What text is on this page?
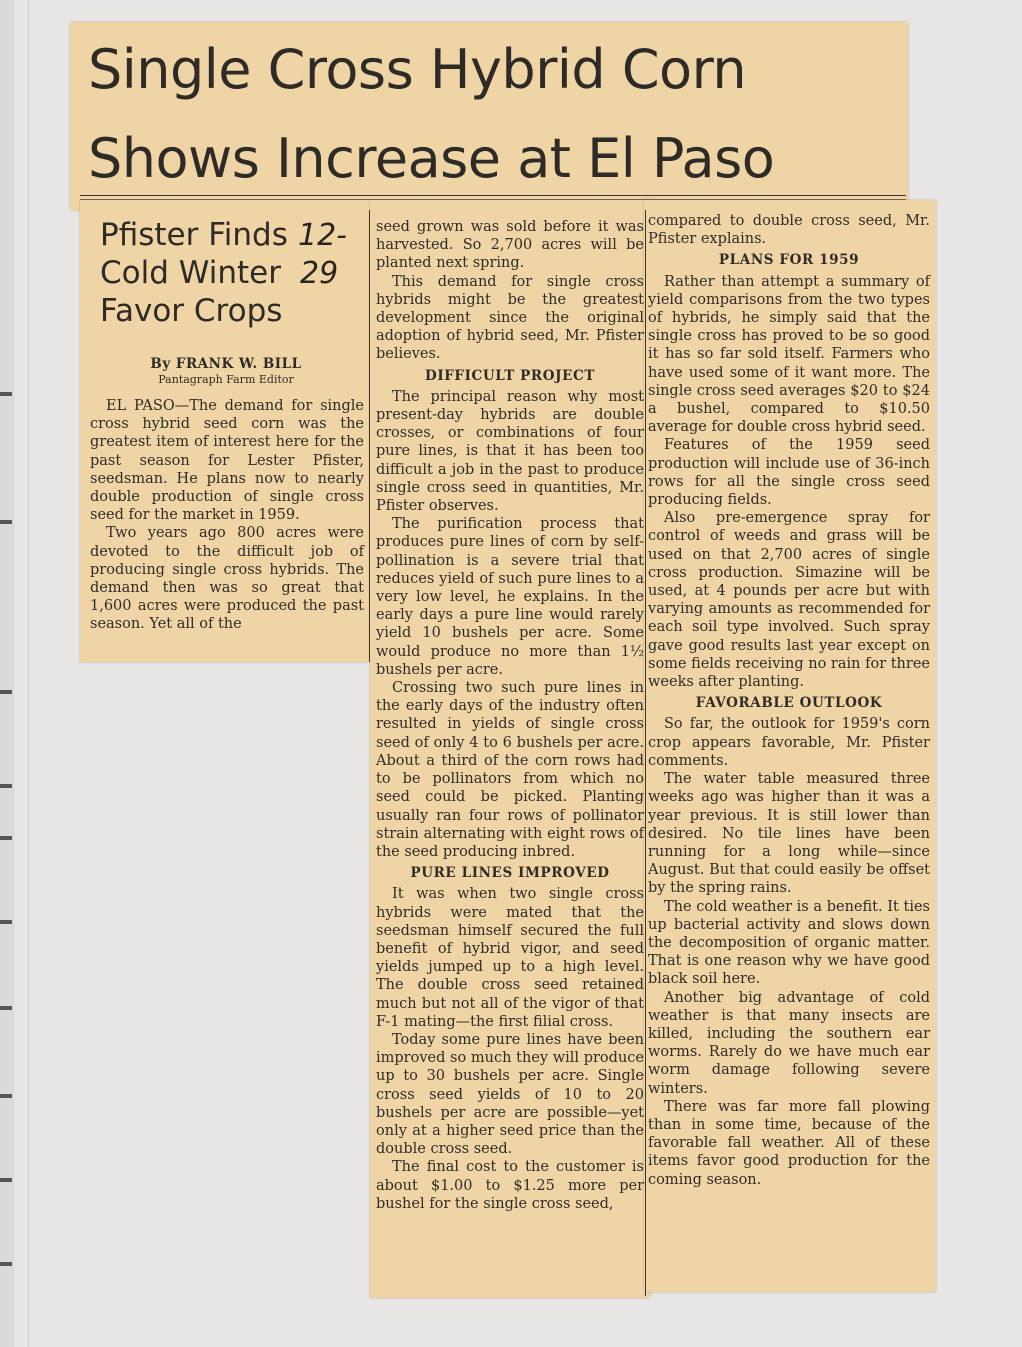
Single Cross Hybrid Corn
Shows Increase at El Paso
Pfister Finds
Cold Winter
Favor Crops
12-
29
By FRANK W. BILL
Pantagraph Farm Editor

EL PASO—The demand for single cross hybrid seed corn was the greatest item of interest here for the past season for Lester Pfister, seedsman. He plans now to nearly double production of single cross seed for the market in 1959.

Two years ago 800 acres were devoted to the difficult job of producing single cross hybrids. The demand then was so great that 1,600 acres were produced the past season. Yet all of the

seed grown was sold before it was harvested. So 2,700 acres will be planted next spring.

This demand for single cross hybrids might be the greatest development since the original adoption of hybrid seed, Mr. Pfister believes.

DIFFICULT PROJECT

The principal reason why most present-day hybrids are double crosses, or combinations of four pure lines, is that it has been too difficult a job in the past to produce single cross seed in quantities, Mr. Pfister observes.

The purification process that produces pure lines of corn by self-pollination is a severe trial that reduces yield of such pure lines to a very low level, he explains. In the early days a pure line would rarely yield 10 bushels per acre. Some would produce no more than 1½ bushels per acre.

Crossing two such pure lines in the early days of the industry often resulted in yields of single cross seed of only 4 to 6 bushels per acre. About a third of the corn rows had to be pollinators from which no seed could be picked. Planting usually ran four rows of pollinator strain alternating with eight rows of the seed producing inbred.

PURE LINES IMPROVED

It was when two single cross hybrids were mated that the seedsman himself secured the full benefit of hybrid vigor, and seed yields jumped up to a high level. The double cross seed retained much but not all of the vigor of that F-1 mating—the first filial cross.

Today some pure lines have been improved so much they will produce up to 30 bushels per acre. Single cross seed yields of 10 to 20 bushels per acre are possible—yet only at a higher seed price than the double cross seed.

The final cost to the customer is about $1.00 to $1.25 more per bushel for the single cross seed,

compared to double cross seed, Mr. Pfister explains.

PLANS FOR 1959

Rather than attempt a summary of yield comparisons from the two types of hybrids, he simply said that the single cross has proved to be so good it has so far sold itself. Farmers who have used some of it want more. The single cross seed averages $20 to $24 a bushel, compared to $10.50 average for double cross hybrid seed.

Features of the 1959 seed production will include use of 36-inch rows for all the single cross seed producing fields.

Also pre-emergence spray for control of weeds and grass will be used on that 2,700 acres of single cross production. Simazine will be used, at 4 pounds per acre but with varying amounts as recommended for each soil type involved. Such spray gave good results last year except on some fields receiving no rain for three weeks after planting.

FAVORABLE OUTLOOK

So far, the outlook for 1959's corn crop appears favorable, Mr. Pfister comments.

The water table measured three weeks ago was higher than it was a year previous. It is still lower than desired. No tile lines have been running for a long while—since August. But that could easily be offset by the spring rains.

The cold weather is a benefit. It ties up bacterial activity and slows down the decomposition of organic matter. That is one reason why we have good black soil here.

Another big advantage of cold weather is that many insects are killed, including the southern ear worms. Rarely do we have much ear worm damage following severe winters.

There was far more fall plowing than in some time, because of the favorable fall weather. All of these items favor good production for the coming season.
